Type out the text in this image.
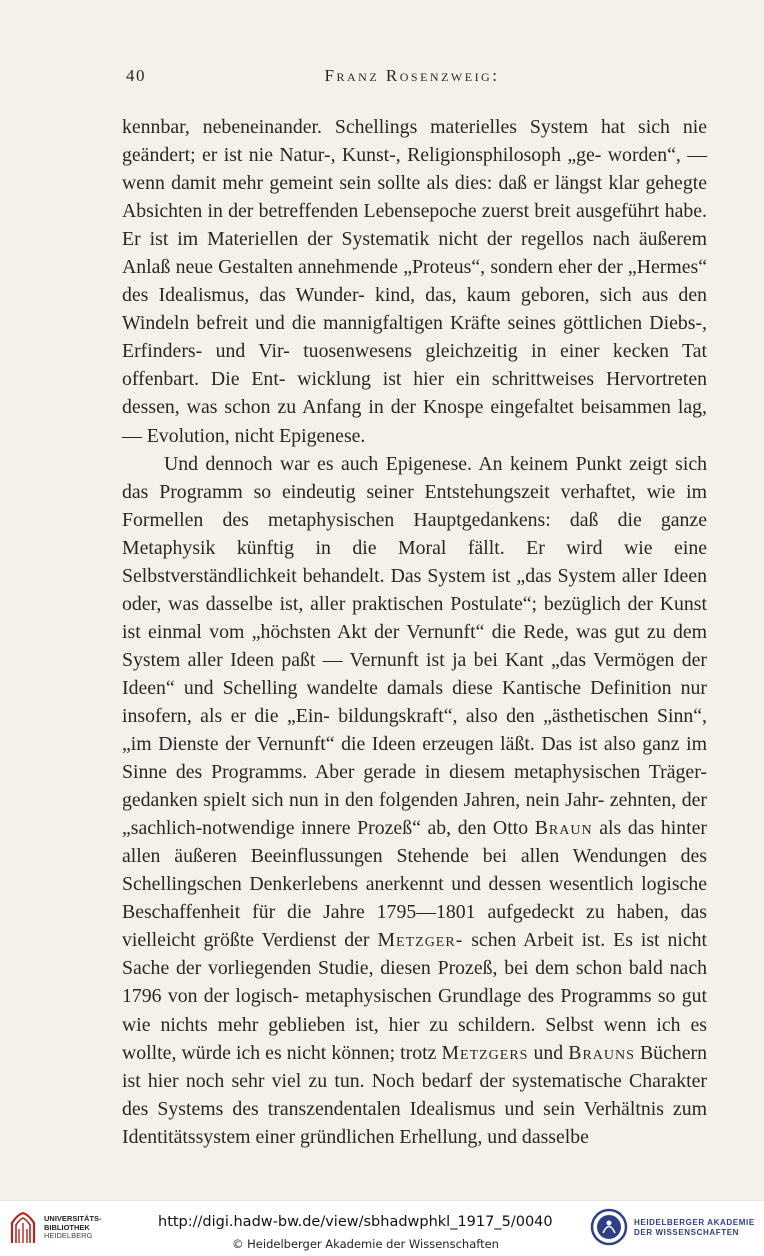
40	Franz Rosenzweig:

kennbar, nebeneinander. Schellings materielles System hat sich nie geändert; er ist nie Natur-, Kunst-, Religionsphilosoph „ge- worden“, — wenn damit mehr gemeint sein sollte als dies: daß er längst klar gehegte Absichten in der betreffenden Lebensepoche zuerst breit ausgeführt habe. Er ist im Materiellen der Systematik nicht der regellos nach äußerem Anlaß neue Gestalten annehmende „Proteus“, sondern eher der „Hermes“ des Idealismus, das Wunder- kind, das, kaum geboren, sich aus den Windeln befreit und die mannigfaltigen Kräfte seines göttlichen Diebs-, Erfinders- und Vir- tuosenwesens gleichzeitig in einer kecken Tat offenbart. Die Ent- wicklung ist hier ein schrittweises Hervortreten dessen, was schon zu Anfang in der Knospe eingefaltet beisammen lag, — Evolution, nicht Epigenese.

Und dennoch war es auch Epigenese. An keinem Punkt zeigt sich das Programm so eindeutig seiner Entstehungszeit verhaftet, wie im Formellen des metaphysischen Hauptgedankens: daß die ganze Metaphysik künftig in die Moral fällt. Er wird wie eine Selbstverständlichkeit behandelt. Das System ist „das System aller Ideen oder, was dasselbe ist, aller praktischen Postulate“; bezüglich der Kunst ist einmal vom „höchsten Akt der Vernunft“ die Rede, was gut zu dem System aller Ideen paßt — Vernunft ist ja bei Kant „das Vermögen der Ideen“ und Schelling wandelte damals diese Kantische Definition nur insofern, als er die „Ein- bildungskraft“, also den „ästhetischen Sinn“, „im Dienste der Vernunft“ die Ideen erzeugen läßt. Das ist also ganz im Sinne des Programms. Aber gerade in diesem metaphysischen Träger- gedanken spielt sich nun in den folgenden Jahren, nein Jahr- zehnten, der „sachlich-notwendige innere Prozeß“ ab, den Otto Braun als das hinter allen äußeren Beeinflussungen Stehende bei allen Wendungen des Schellingschen Denkerlebens anerkennt und dessen wesentlich logische Beschaffenheit für die Jahre 1795—1801 aufgedeckt zu haben, das vielleicht größte Verdienst der Metzger- schen Arbeit ist. Es ist nicht Sache der vorliegenden Studie, diesen Prozeß, bei dem schon bald nach 1796 von der logisch- metaphysischen Grundlage des Programms so gut wie nichts mehr geblieben ist, hier zu schildern. Selbst wenn ich es wollte, würde ich es nicht können; trotz Metzgers und Brauns Büchern ist hier noch sehr viel zu tun. Noch bedarf der systematische Charakter des Systems des transzendentalen Idealismus und sein Verhältnis zum Identitätssystem einer gründlichen Erhellung, und dasselbe

UNIVERSITÄTS-
BIBLIOTHEK
HEIDELBERG
http://digi.hadw-bw.de/view/sbhadwphkl_1917_5/0040
© Heidelberger Akademie der Wissenschaften
HEIDELBERGER AKADEMIE
DER WISSENSCHAFTEN
